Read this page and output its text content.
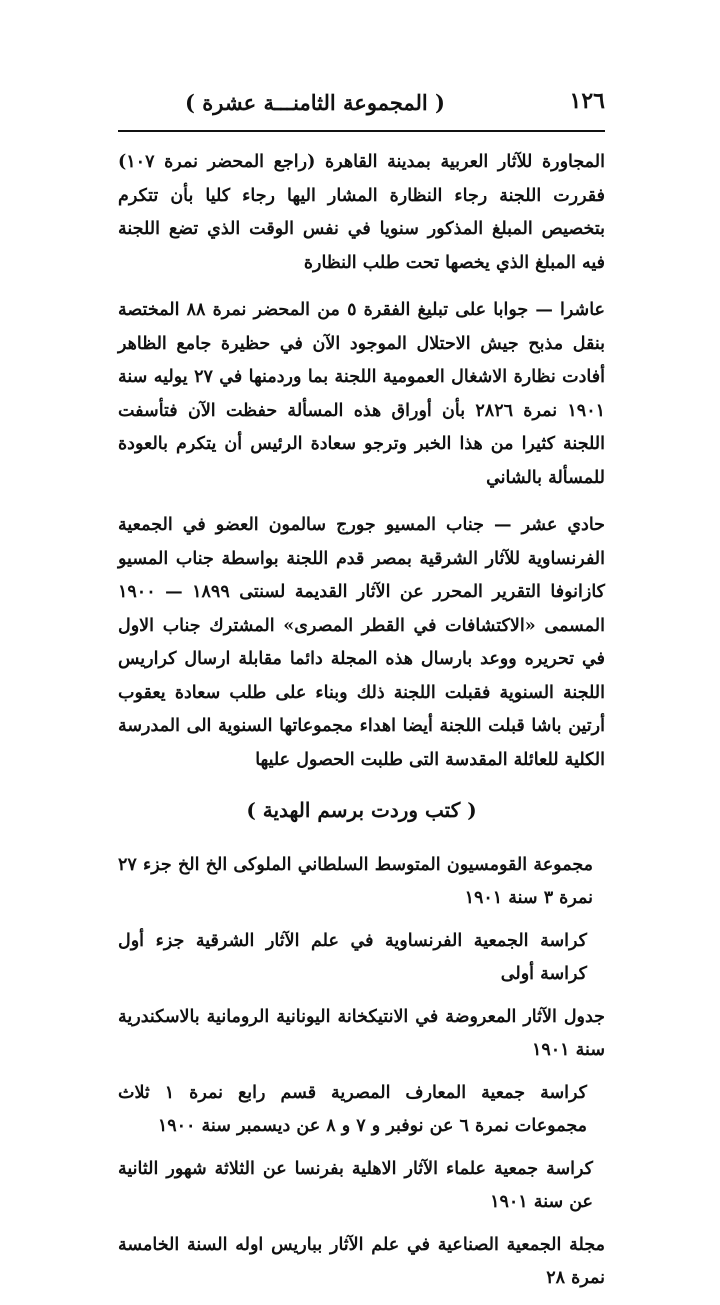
١٢٦
( المجموعة الثامنـــة عشرة )

المجاورة للآثار العربية بمدينة القاهرة (راجع المحضر نمرة ١٠٧) فقررت اللجنة رجاء النظارة المشار اليها رجاء كليا بأن تتكرم بتخصيص المبلغ المذكور سنويا في نفس الوقت الذي تضع اللجنة فيه المبلغ الذي يخصها تحت طلب النظارة

عاشرا — جوابا على تبليغ الفقرة ٥ من المحضر نمرة ٨٨ المختصة بنقل مذبح جيش الاحتلال الموجود الآن في حظيرة جامع الظاهر أفادت نظارة الاشغال العمومية اللجنة بما وردمنها في ٢٧ يوليه سنة ١٩٠١ نمرة ٢٨٢٦ بأن أوراق هذه المسألة حفظت الآن فتأسفت اللجنة كثيرا من هذا الخبر وترجو سعادة الرئيس أن يتكرم بالعودة للمسألة بالشاني

حادي عشر — جناب المسيو جورج سالمون العضو في الجمعية الفرنساوية للآثار الشرقية بمصر قدم اللجنة بواسطة جناب المسيو كازانوفا التقرير المحرر عن الآثار القديمة لسنتى ١٨٩٩ — ١٩٠٠ المسمى «الاكتشافات في القطر المصرى» المشترك جناب الاول في تحريره ووعد بارسال هذه المجلة دائما مقابلة ارسال كراريس اللجنة السنوية فقبلت اللجنة ذلك وبناء على طلب سعادة يعقوب أرتين باشا قبلت اللجنة أيضا اهداء مجموعاتها السنوية الى المدرسة الكلية للعائلة المقدسة التى طلبت الحصول عليها

( كتب وردت برسم الهدية )
مجموعة القومسيون المتوسط السلطاني الملوكى الخ الخ جزء ٢٧ نمرة ٣ سنة ١٩٠١
كراسة الجمعية الفرنساوية في علم الآثار الشرقية جزء أول كراسة أولى
جدول الآثار المعروضة في الانتيكخانة اليونانية الرومانية بالاسكندرية سنة ١٩٠١
كراسة جمعية المعارف المصرية قسم رابع نمرة ١ ثلاث مجموعات نمرة ٦ عن نوفبر و ٧ و ٨ عن ديسمبر سنة ١٩٠٠
كراسة جمعية علماء الآثار الاهلية بفرنسا عن الثلاثة شهور الثانية عن سنة ١٩٠١
مجلة الجمعية الصناعية في علم الآثار بباريس اوله السنة الخامسة نمرة ٢٨
